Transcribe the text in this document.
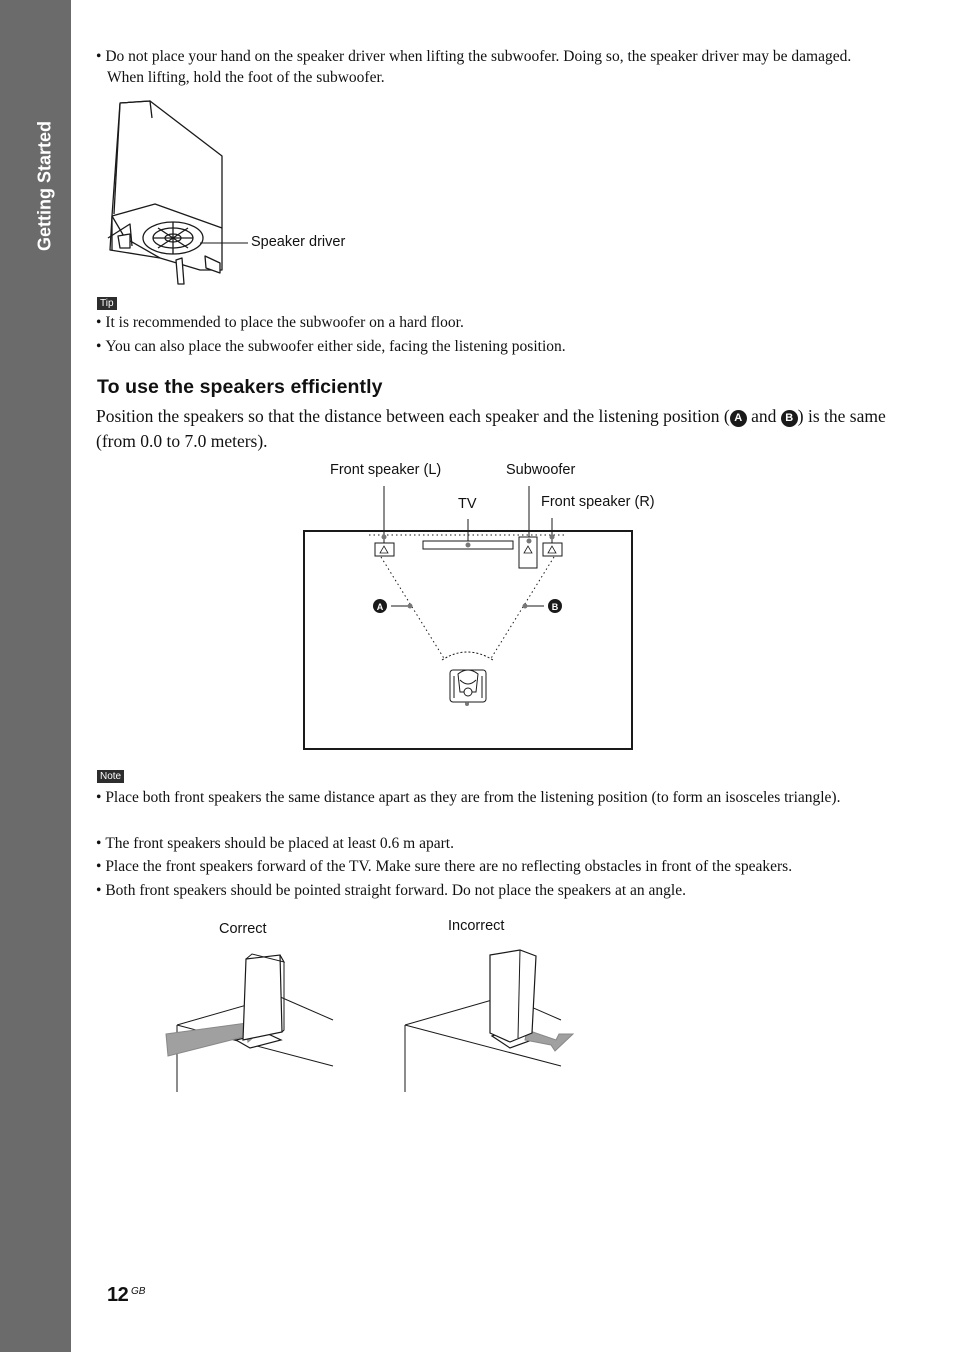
Getting Started
• Do not place your hand on the speaker driver when lifting the subwoofer. Doing so, the speaker driver may be damaged. When lifting, hold the foot of the subwoofer.
Speaker driver
Tip
• It is recommended to place the subwoofer on a hard floor.
• You can also place the subwoofer either side, facing the listening position.
To use the speakers efficiently
Position the speakers so that the distance between each speaker and the listening position ( A and B ) is the same (from 0.0 to 7.0 meters).
A	B
Front speaker (L)	Subwoofer
TV	Front speaker (R)
Note
• Place both front speakers the same distance apart as they are from the listening position (to form an isosceles triangle).
• The front speakers should be placed at least 0.6 m apart.
• Place the front speakers forward of the TV. Make sure there are no reflecting obstacles in front of the speakers.
• Both front speakers should be pointed straight forward. Do not place the speakers at an angle.
Correct	Incorrect
12 GB
